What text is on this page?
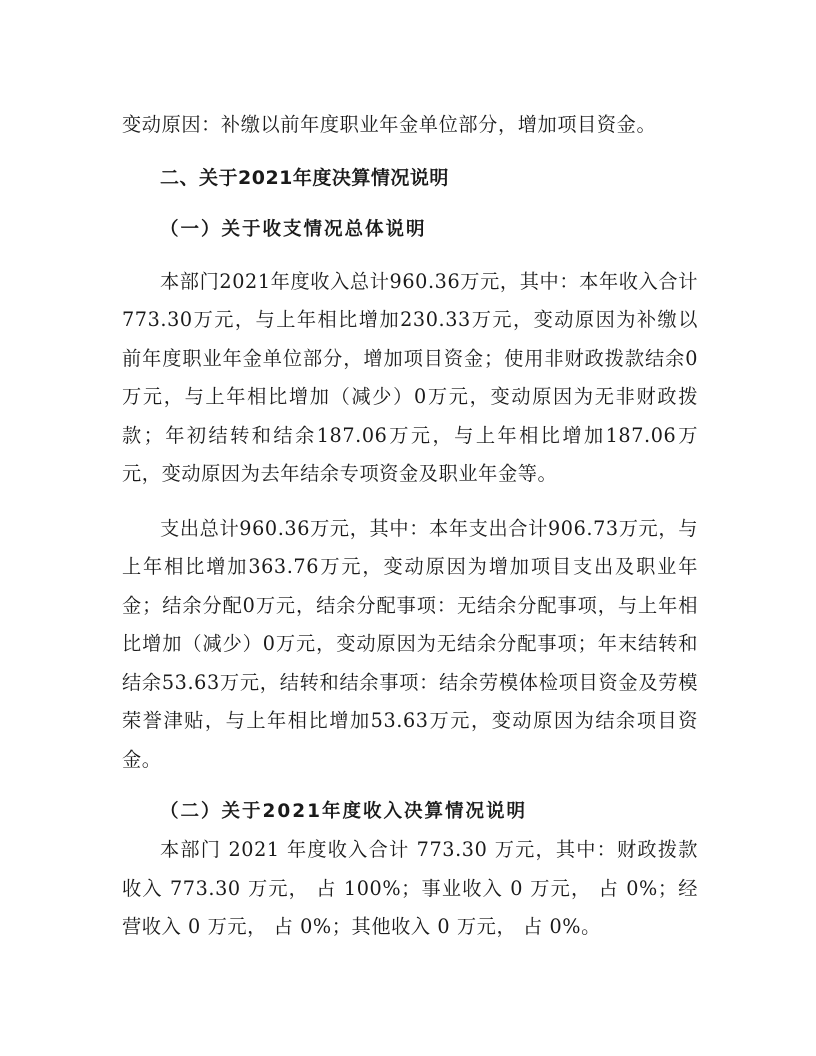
变动原因：补缴以前年度职业年金单位部分，增加项目资金。

二、关于2021年度决算情况说明
（一）关于收支情况总体说明

本部门2021年度收入总计960.36万元，其中：本年收入合计773.30万元，与上年相比增加230.33万元，变动原因为补缴以前年度职业年金单位部分，增加项目资金；使用非财政拨款结余0万元，与上年相比增加（减少）0万元，变动原因为无非财政拨款；年初结转和结余187.06万元，与上年相比增加187.06万元，变动原因为去年结余专项资金及职业年金等。

支出总计960.36万元，其中：本年支出合计906.73万元，与上年相比增加363.76万元，变动原因为增加项目支出及职业年金；结余分配0万元，结余分配事项：无结余分配事项，与上年相比增加（减少）0万元，变动原因为无结余分配事项；年末结转和结余53.63万元，结转和结余事项：结余劳模体检项目资金及劳模荣誉津贴，与上年相比增加53.63万元，变动原因为结余项目资金。

（二）关于2021年度收入决算情况说明

本部门 2021 年度收入合计 773.30 万元，其中：财政拨款收入 773.30 万元， 占 100%；事业收入 0 万元， 占 0%；经营收入 0 万元， 占 0%；其他收入 0 万元， 占 0%。
